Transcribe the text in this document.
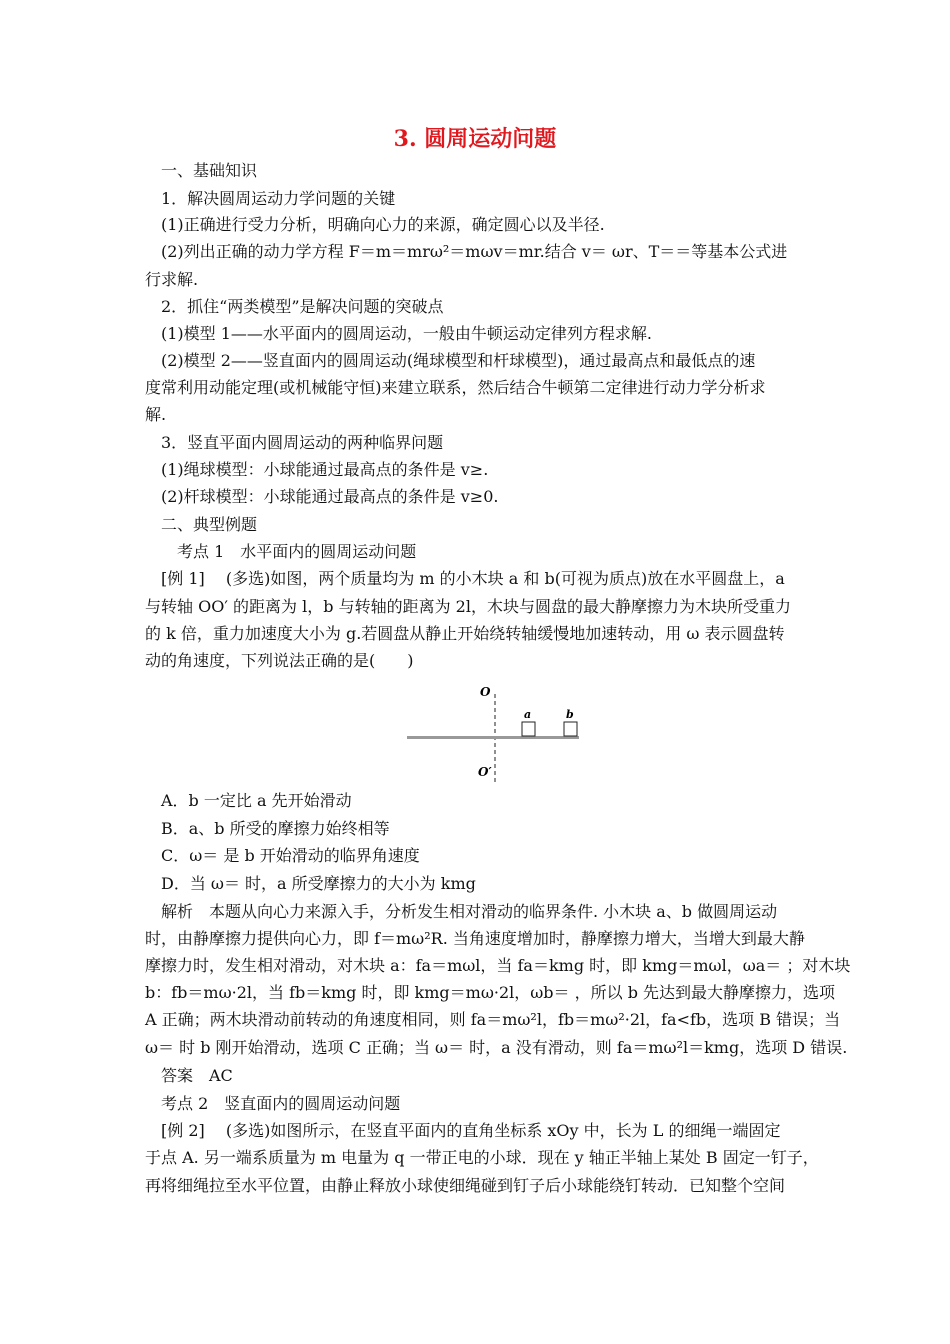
3. 圆周运动问题
　一、基础知识
　1．解决圆周运动力学问题的关键
　(1)正确进行受力分析，明确向心力的来源，确定圆心以及半径.
　(2)列出正确的动力学方程 F＝m＝mrω²＝mωv＝mr.结合 v＝ ωr、T＝＝等基本公式进
行求解.
　2．抓住“两类模型”是解决问题的突破点
　(1)模型 1——水平面内的圆周运动，一般由牛顿运动定律列方程求解.
　(2)模型 2——竖直面内的圆周运动(绳球模型和杆球模型)，通过最高点和最低点的速
度常利用动能定理(或机械能守恒)来建立联系，然后结合牛顿第二定律进行动力学分析求
解.
　3．竖直平面内圆周运动的两种临界问题
　(1)绳球模型：小球能通过最高点的条件是 v≥.
　(2)杆球模型：小球能通过最高点的条件是 v≥0.
　二、典型例题
　　考点 1　水平面内的圆周运动问题
　[例 1]　 (多选)如图，两个质量均为 m 的小木块 a 和 b(可视为质点)放在水平圆盘上，a
与转轴 OO′ 的距离为 l，b 与转轴的距离为 2l，木块与圆盘的最大静摩擦力为木块所受重力
的 k 倍，重力加速度大小为 g.若圆盘从静止开始绕转轴缓慢地加速转动，用 ω 表示圆盘转
动的角速度，下列说法正确的是(　　)
O
O′
a	b
　A．b 一定比 a 先开始滑动
　B．a、b 所受的摩擦力始终相等
　C．ω＝ 是 b 开始滑动的临界角速度
　D．当 ω＝ 时，a 所受摩擦力的大小为 kmg
　解析　本题从向心力来源入手，分析发生相对滑动的临界条件. 小木块 a、b 做圆周运动
时，由静摩擦力提供向心力，即 f＝mω²R. 当角速度增加时，静摩擦力增大，当增大到最大静
摩擦力时，发生相对滑动，对木块 a：fa＝mωl，当 fa＝kmg 时，即 kmg＝mωl，ωa＝ ；对木块
b：fb＝mω·2l，当 fb＝kmg 时，即 kmg＝mω·2l，ωb＝ ，所以 b 先达到最大静摩擦力，选项
A 正确；两木块滑动前转动的角速度相同，则 fa＝mω²l，fb＝mω²·2l，fa<fb，选项 B 错误；当
ω＝ 时 b 刚开始滑动，选项 C 正确；当 ω＝ 时，a 没有滑动，则 fa＝mω²l＝kmg，选项 D 错误.
　答案　AC
　考点 2　竖直面内的圆周运动问题
　[例 2]　 (多选)如图所示，在竖直平面内的直角坐标系 xOy 中，长为 L 的细绳一端固定
于点 A. 另一端系质量为 m 电量为 q 一带正电的小球．现在 y 轴正半轴上某处 B 固定一钉子，
再将细绳拉至水平位置，由静止释放小球使细绳碰到钉子后小球能绕钉转动．已知整个空间
